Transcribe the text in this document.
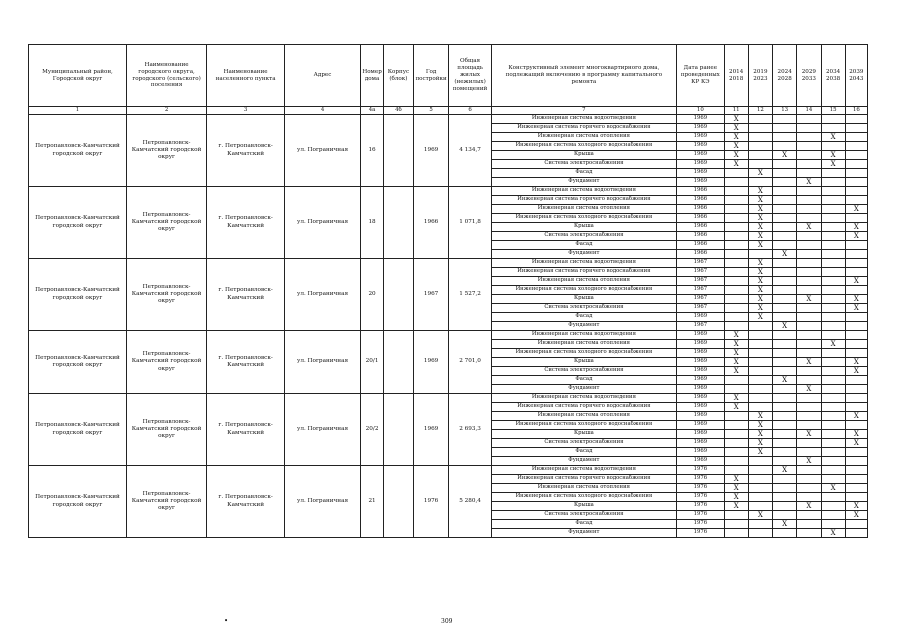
Муниципальный район, Городской округ	Наименование городского округа, городского (сельского) поселения	Наименование населенного пункта	Адрес	Номер дома	Корпус (блок)	Год постройки	Общая площадь жилых (нежилых) помещений	Конструктивный элемент многоквартирного дома, подлежащий включению в программу капитального ремонта	Дата ранее проведенных КР КЭ	2014 2018	2019 2023	2024 2028	2029 2033	2034 2038	2039 2043
1	2	3	4	4а	4б	5	6	7	10	11	12	13	14	15	16
Петропавловск-Камчатский городской округ	Петропавловск-Камчатский городской округ	г. Петропавловск-Камчатский	ул. Пограничная	16		1969	4 134,7	Инженерная система водоотведения	1969	X					
								Инженерная система горячего водоснабжения	1969	X					
								Инженерная система отопления	1969	X				X	
								Инженерная система холодного водоснабжения	1969	X					
								Крыша	1969	X		X		X	
								Система электроснабжения	1969	X				X	
								Фасад	1969		X				
								Фундамент	1969				X		
Петропавловск-Камчатский городской округ	Петропавловск-Камчатский городской округ	г. Петропавловск-Камчатский	ул. Пограничная	18		1966	1 071,8	Инженерная система водоотведения	1966		X				
								Инженерная система горячего водоснабжения	1966		X				
								Инженерная система отопления	1966		X				X
								Инженерная система холодного водоснабжения	1966		X				
								Крыша	1966		X		X		X
								Система электроснабжения	1966		X				X
								Фасад	1966		X				
								Фундамент	1966			X			
Петропавловск-Камчатский городской округ	Петропавловск-Камчатский городской округ	г. Петропавловск-Камчатский	ул. Пограничная	20		1967	1 527,2	Инженерная система водоотведения	1967		X				
								Инженерная система горячего водоснабжения	1967		X				
								Инженерная система отопления	1967		X				X
								Инженерная система холодного водоснабжения	1967		X				
								Крыша	1967		X		X		X
								Система электроснабжения	1967		X				X
								Фасад	1969		X				
								Фундамент	1967			X			
Петропавловск-Камчатский городской округ	Петропавловск-Камчатский городской округ	г. Петропавловск-Камчатский	ул. Пограничная	20/1		1969	2 701,0	Инженерная система водоотведения	1969	X					
								Инженерная система отопления	1969	X				X	
								Инженерная система холодного водоснабжения	1969	X					
								Крыша	1969	X			X		X
								Система электроснабжения	1969	X					X
								Фасад	1969			X			
								Фундамент	1969				X		
Петропавловск-Камчатский городской округ	Петропавловск-Камчатский городской округ	г. Петропавловск-Камчатский	ул. Пограничная	20/2		1969	2 693,3	Инженерная система водоотведения	1969	X					
								Инженерная система горячего водоснабжения	1969	X					
								Инженерная система отопления	1969		X				X
								Инженерная система холодного водоснабжения	1969		X				
								Крыша	1969		X		X		X
								Система электроснабжения	1969		X				X
								Фасад	1969		X				
								Фундамент	1969				X		
Петропавловск-Камчатский городской округ	Петропавловск-Камчатский городской округ	г. Петропавловск-Камчатский	ул. Пограничная	21		1976	5 280,4	Инженерная система водоотведения	1976			X			
								Инженерная система горячего водоснабжения	1976	X					
								Инженерная система отопления	1976	X				X	
								Инженерная система холодного водоснабжения	1976	X					
								Крыша	1976	X			X		X
								Система электроснабжения	1976		X				X
								Фасад	1976			X			
								Фундамент	1976					X	
309
•
